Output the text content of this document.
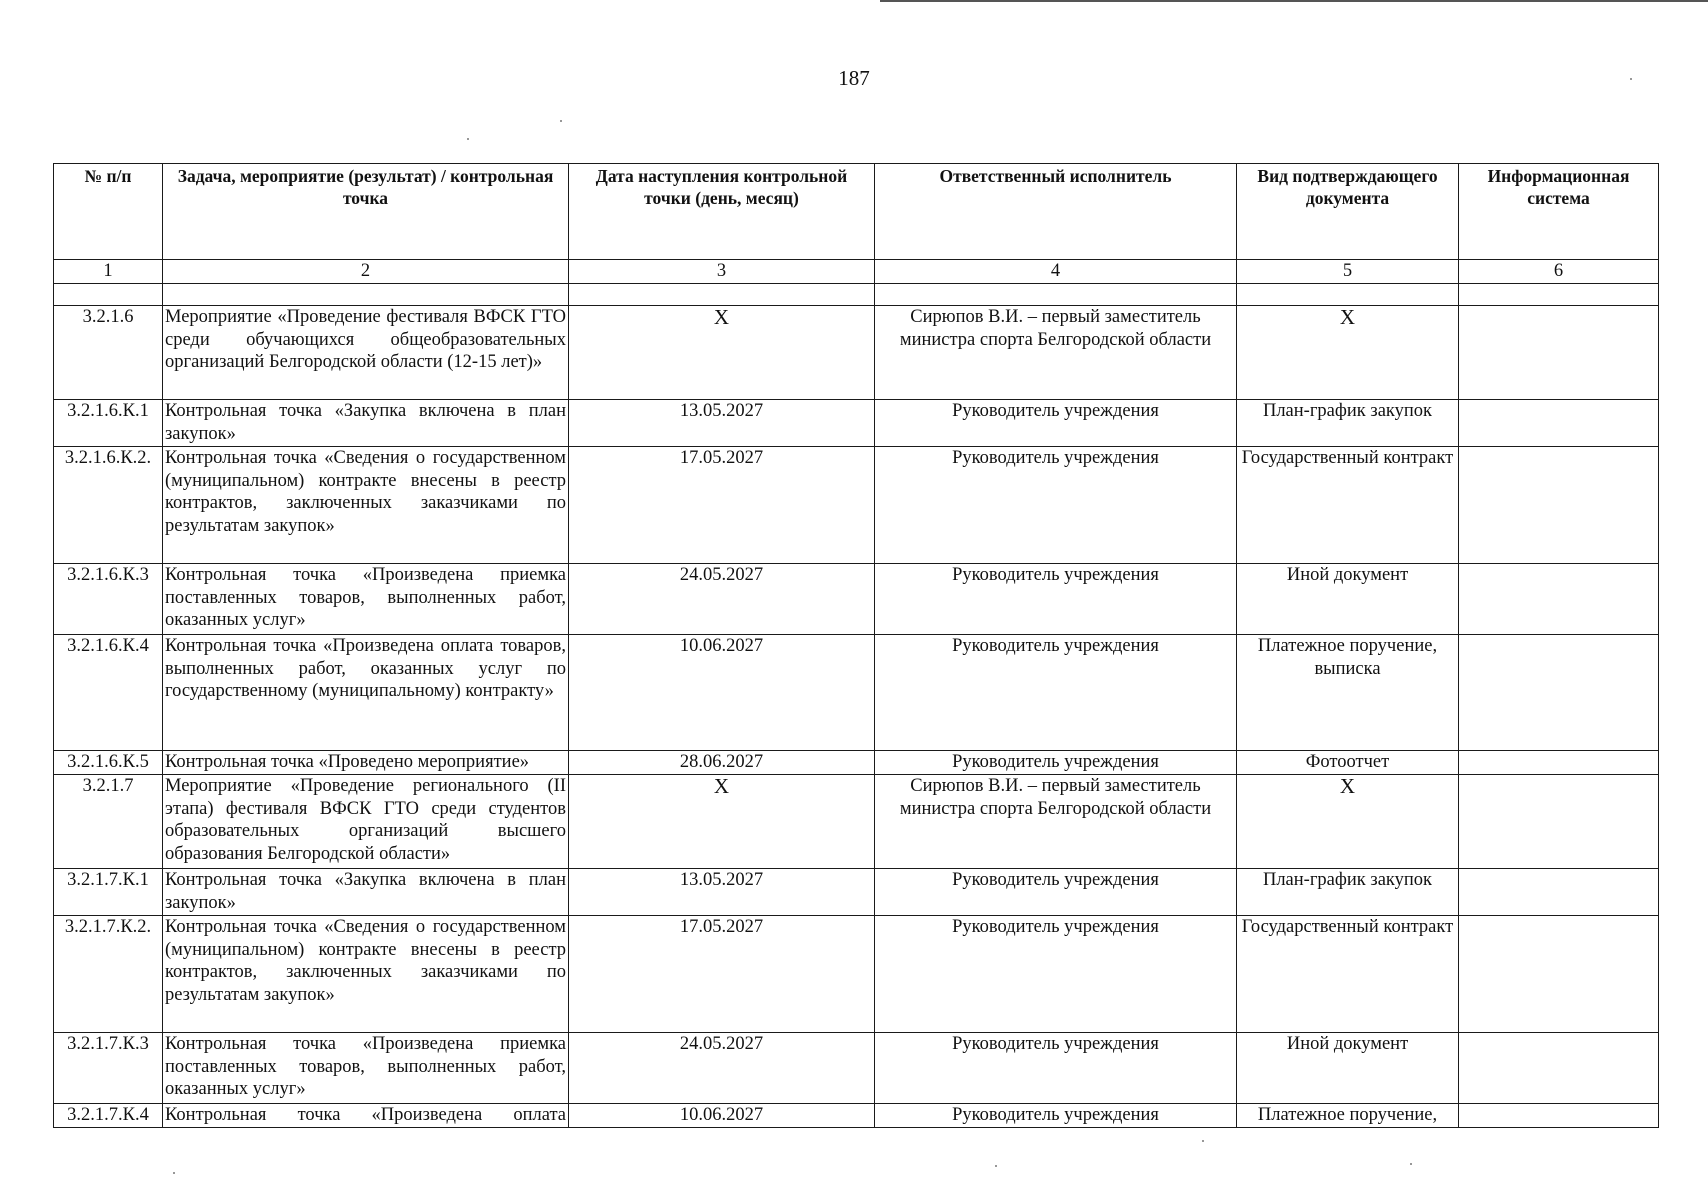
187
№ п/п	Задача, мероприятие (результат) / контрольная точка	Дата наступления контрольной точки (день, месяц)	Ответственный исполнитель	Вид подтверждающего документа	Информационная система
1	2	3	4	5	6

3.2.1.6	Мероприятие «Проведение фестиваля ВФСК ГТО среди обучающихся общеобразовательных организаций Белгородской области (12-15 лет)»	Х	Сирюпов В.И. – первый заместитель министра спорта Белгородской области	Х	
3.2.1.6.К.1	Контрольная точка «Закупка включена в план закупок»	13.05.2027	Руководитель учреждения	План-график закупок	
3.2.1.6.К.2.	Контрольная точка «Сведения о государственном (муниципальном) контракте внесены в реестр контрактов, заключенных заказчиками по результатам закупок»	17.05.2027	Руководитель учреждения	Государственный контракт	
3.2.1.6.К.3	Контрольная точка «Произведена приемка поставленных товаров, выполненных работ, оказанных услуг»	24.05.2027	Руководитель учреждения	Иной документ	
3.2.1.6.К.4	Контрольная точка «Произведена оплата товаров, выполненных работ, оказанных услуг по государственному (муниципальному) контракту»	10.06.2027	Руководитель учреждения	Платежное поручение, выписка	
3.2.1.6.К.5	Контрольная точка «Проведено мероприятие»	28.06.2027	Руководитель учреждения	Фотоотчет	
3.2.1.7	Мероприятие «Проведение регионального (II этапа) фестиваля ВФСК ГТО среди студентов образовательных организаций высшего образования Белгородской области»	Х	Сирюпов В.И. – первый заместитель министра спорта Белгородской области	Х	
3.2.1.7.К.1	Контрольная точка «Закупка включена в план закупок»	13.05.2027	Руководитель учреждения	План-график закупок	
3.2.1.7.К.2.	Контрольная точка «Сведения о государственном (муниципальном) контракте внесены в реестр контрактов, заключенных заказчиками по результатам закупок»	17.05.2027	Руководитель учреждения	Государственный контракт	
3.2.1.7.К.3	Контрольная точка «Произведена приемка поставленных товаров, выполненных работ, оказанных услуг»	24.05.2027	Руководитель учреждения	Иной документ	
3.2.1.7.К.4	Контрольная точка «Произведена оплата	10.06.2027	Руководитель учреждения	Платежное поручение,	
